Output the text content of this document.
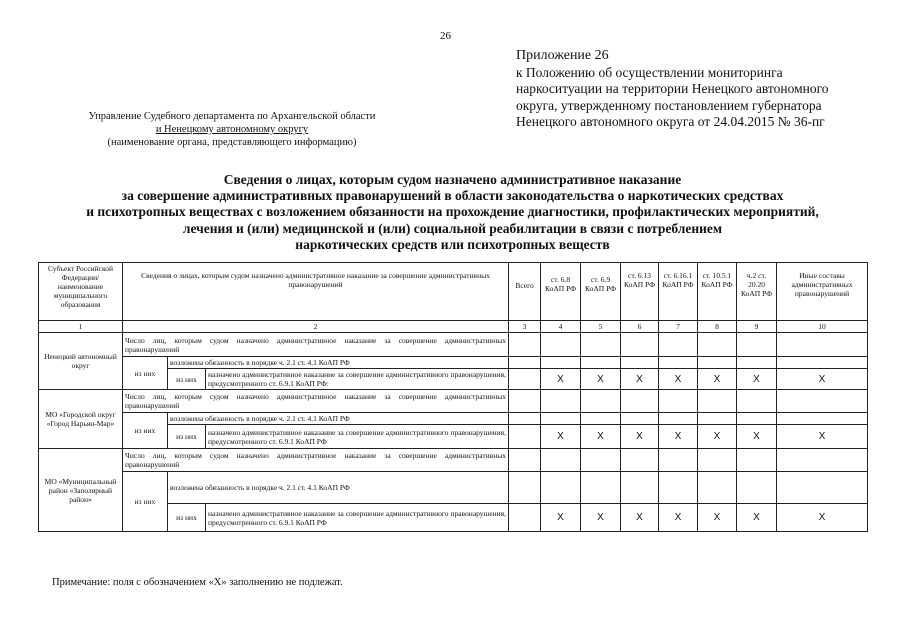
26
Приложение 26
к Положению об осуществлении мониторинга
наркоситуации на территории Ненецкого автономного
округа, утвержденному постановлением губернатора
Ненецкого автономного округа от 24.04.2015 № 36-пг
Управление Судебного департамента по Архангельской области
и Ненецкому автономному округу
(наименование органа, представляющего информацию)
Сведения о лицах, которым судом назначено административное наказание
за совершение административных правонарушений в области законодательства о наркотических средствах
и психотропных веществах с возложением обязанности на прохождение диагностики, профилактических мероприятий,
лечения и (или) медицинской и (или) социальной реабилитации в связи с потреблением
наркотических средств или психотропных веществ
Субъект Российской Федерации/наименование муниципального образования	Сведения о лицах, которым судом назначено административное наказание за совершение административных правонарушений			Всего	ст. 6.8 КоАП РФ	ст. 6.9 КоАП РФ	ст. 6.13 КоАП РФ	ст. 6.16.1 КоАП РФ	ст. 10.5.1 КоАП РФ	ч.2 ст. 20.20 КоАП РФ	Иные составы административных правонарушений
1	2			3	4	5	6	7	8	9	10
Ненецкий автономный округ	Число лиц, которым судом назначено административное наказание за совершение административных правонарушений										
	из них	возложена обязанность в порядке ч. 2.1 ст. 4.1 КоАП РФ									
		из них	назначено административное наказание за совершение административного правонарушения, предусмотренного ст. 6.9.1 КоАП РФ:		X	X	X	X	X	X	X
МО «Городской округ «Город Нарьян-Мар»	Число лиц, которым судом назначено административное наказание за совершение административных правонарушений										
	из них	возложена обязанность в порядке ч. 2.1 ст. 4.1 КоАП РФ									
		из них	назначено административное наказание за совершение административного правонарушения, предусмотренного ст. 6.9.1 КоАП РФ		X	X	X	X	X	X	X
МО «Муниципальный район «Заполярный район»	Число лиц, которым судом назначено административное наказание за совершение административных правонарушений										
	из них	возложена обязанность в порядке ч. 2.1 ст. 4.1 КоАП РФ									
		из них	назначено административное наказание за совершение административного правонарушения, предусмотренного ст. 6.9.1 КоАП РФ		X	X	X	X	X	X	X
Примечание: поля с обозначением «X» заполнению не подлежат.
